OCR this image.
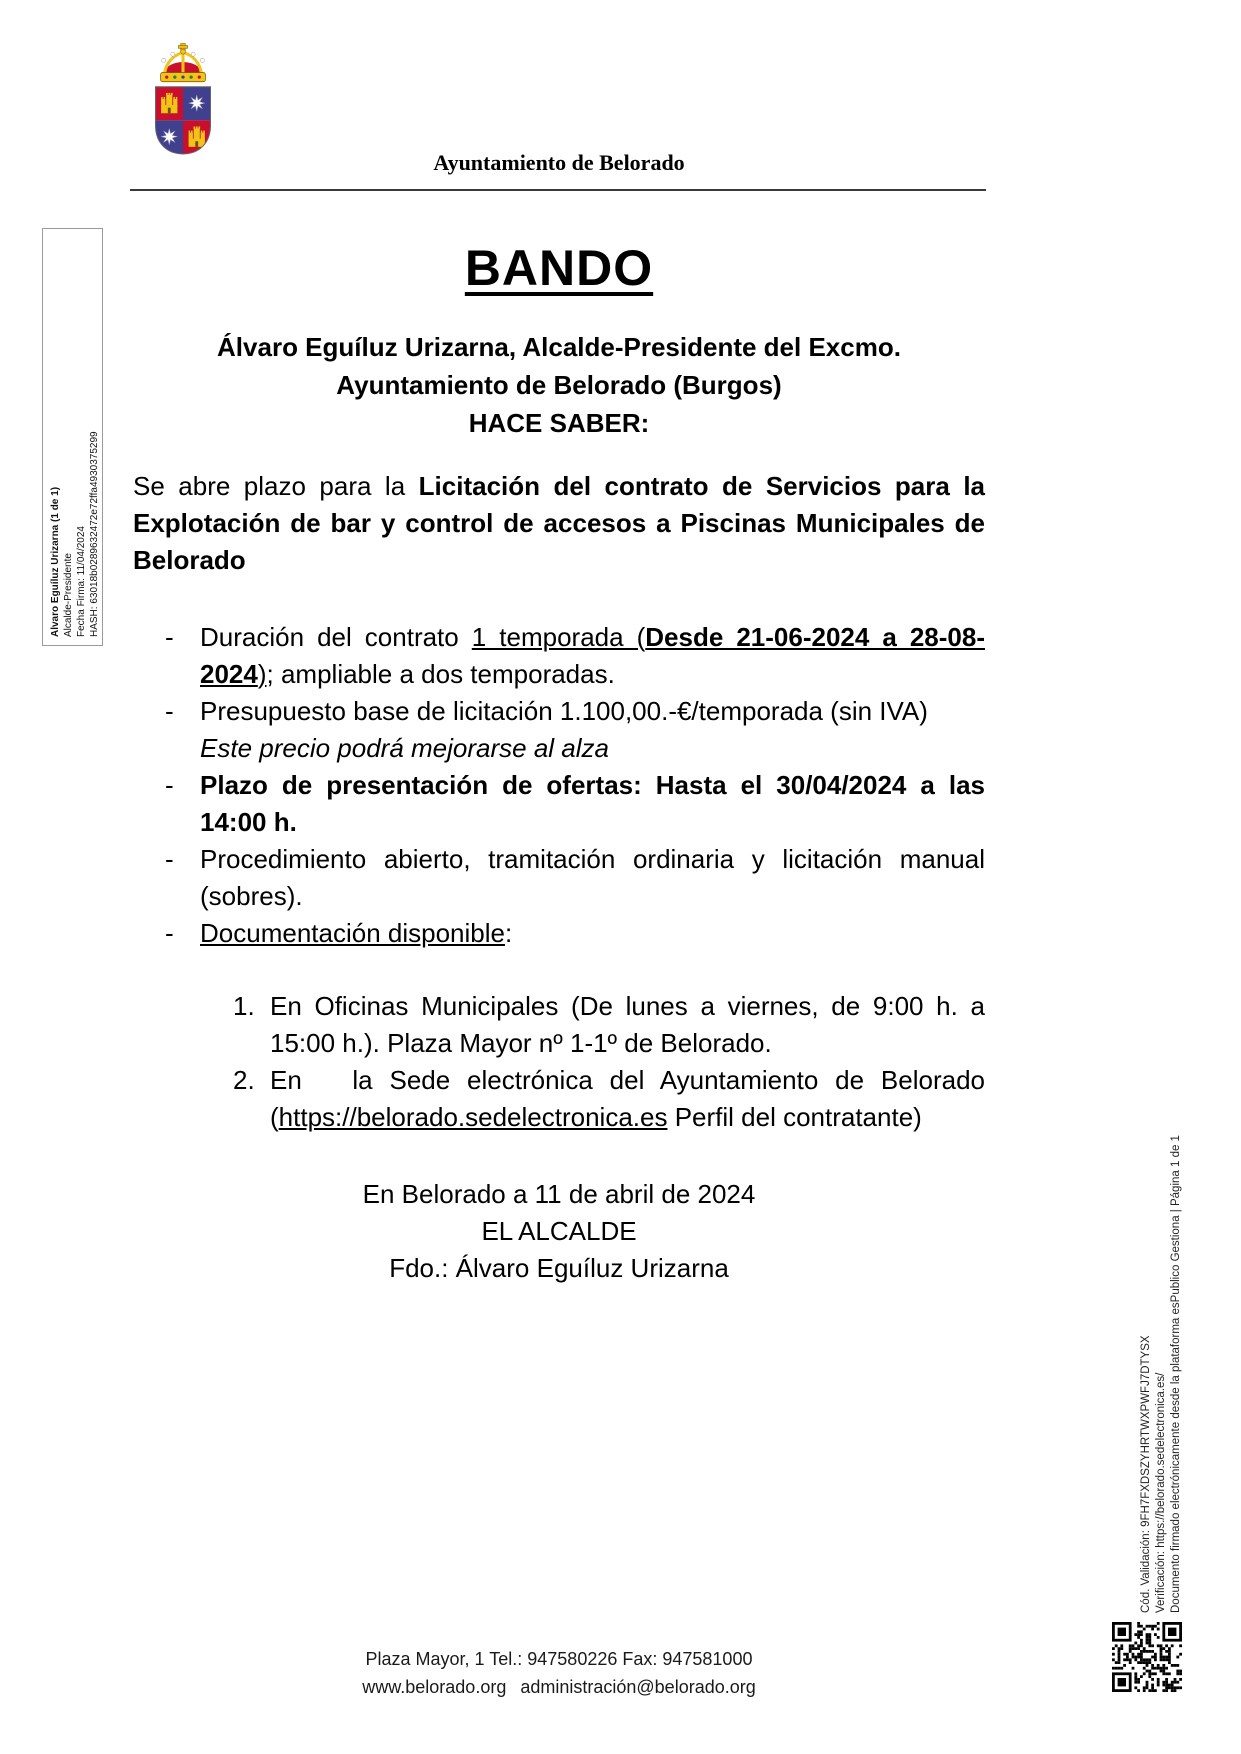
Ayuntamiento de Belorado
Alvaro Eguíluz Urizarna (1 de 1) Alcalde-Presidente Fecha Firma: 11/04/2024 HASH: 63018b0289632472e72ffa4930375299
BANDO
Álvaro Eguíluz Urizarna, Alcalde-Presidente del Excmo.
Ayuntamiento de Belorado (Burgos)
HACE SABER:

Se abre plazo para la Licitación del contrato de Servicios para la Explotación de bar y control de accesos a Piscinas Municipales de Belorado

- Duración del contrato 1 temporada (Desde 21-06-2024 a 28-08-2024); ampliable a dos temporadas.
- Presupuesto base de licitación 1.100,00.-€/temporada (sin IVA)
Este precio podrá mejorarse al alza
- Plazo de presentación de ofertas: Hasta el 30/04/2024 a las 14:00 h.
- Procedimiento abierto, tramitación ordinaria y licitación manual (sobres).
- Documentación disponible:
1. En Oficinas Municipales (De lunes a viernes, de 9:00 h. a 15:00 h.). Plaza Mayor nº 1-1º de Belorado.
2. En   la Sede electrónica del Ayuntamiento de Belorado (https://belorado.sedelectronica.es Perfil del contratante)
En Belorado a 11 de abril de 2024
EL ALCALDE
Fdo.: Álvaro Eguíluz Urizarna
Plaza Mayor, 1 Tel.: 947580226 Fax: 947581000
www.belorado.org administración@belorado.org
Cód. Validación: 9FH7FXDSZYHRTWXPWFJ7DTYSX Verificación: https://belorado.sedelectronica.es/ Documento firmado electrónicamente desde la plataforma esPublico Gestiona | Página 1 de 1
